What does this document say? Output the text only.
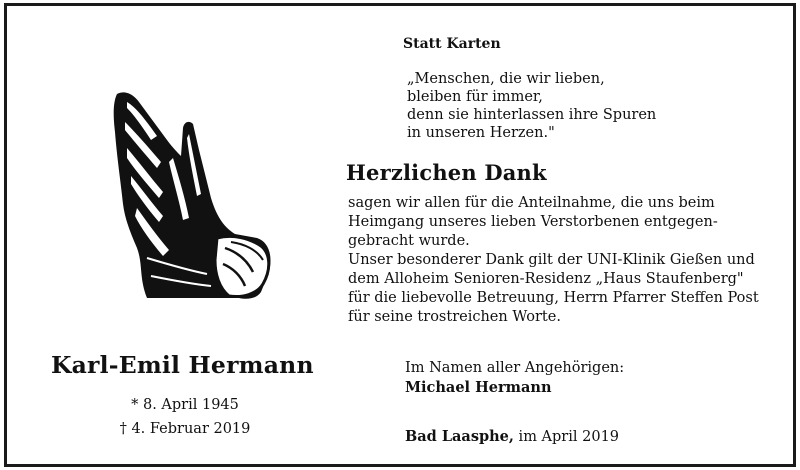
Statt Karten
„Menschen, die wir lieben,
bleiben für immer,
denn sie hinterlassen ihre Spuren
in unseren Herzen."
Herzlichen Dank
sagen wir allen für die Anteilnahme, die uns beim
Heimgang unseres lieben Verstorbenen entgegen-
gebracht wurde.
Unser besonderer Dank gilt der UNI-Klinik Gießen und
dem Alloheim Senioren-Residenz „Haus Staufenberg"
für die liebevolle Betreuung, Herrn Pfarrer Steffen Post
für seine trostreichen Worte.
Karl-Emil Hermann
* 8. April 1945
† 4. Februar 2019
Im Namen aller Angehörigen:
Michael Hermann
Bad Laasphe, im April 2019
